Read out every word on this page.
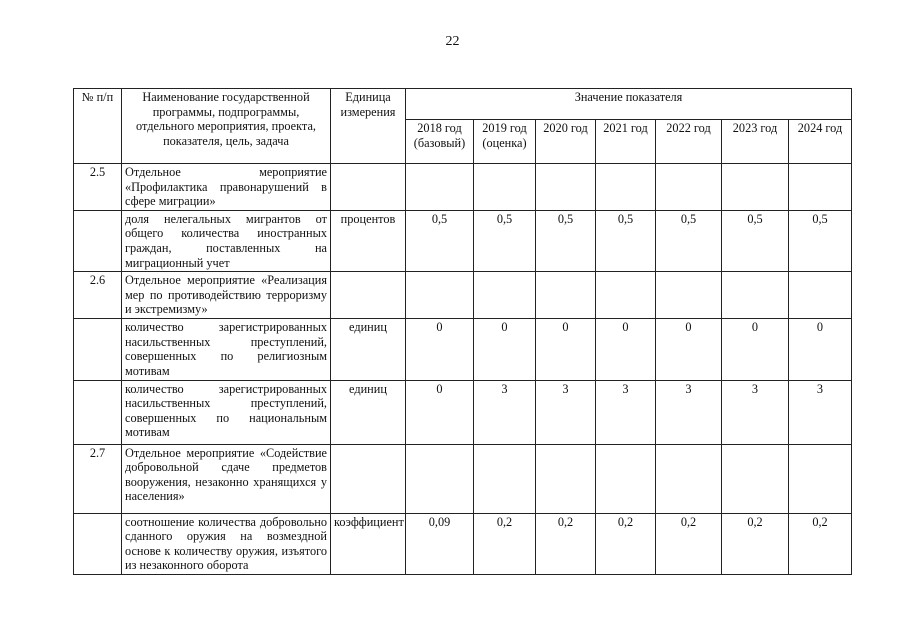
22
№ п/п	Наименование государственной программы, подпрограммы, отдельного мероприятия, проекта, показателя, цель, задача	Единица измерения	Значение показателя						
			2018 год (базовый)	2019 год (оценка)	2020 год	2021 год	2022 год	2023 год	2024 год
2.5	Отдельное мероприятие «Профилактика правонарушений в сфере миграции»								
	доля нелегальных мигрантов от общего количества иностранных граждан, поставленных на миграционный учет	процентов	0,5	0,5	0,5	0,5	0,5	0,5	0,5
2.6	Отдельное мероприятие «Реализация мер по противодействию терроризму и экстремизму»								
	количество зарегистрированных насильственных преступлений, совершенных по религиозным мотивам	единиц	0	0	0	0	0	0	0
	количество зарегистрированных насильственных преступлений, совершенных по национальным мотивам	единиц	0	3	3	3	3	3	3
2.7	Отдельное мероприятие «Содействие добровольной сдаче предметов вооружения, незаконно хранящихся у населения»								
	соотношение количества добровольно сданного оружия на возмездной основе к количеству оружия, изъятого из незаконного оборота	коэффициент	0,09	0,2	0,2	0,2	0,2	0,2	0,2
